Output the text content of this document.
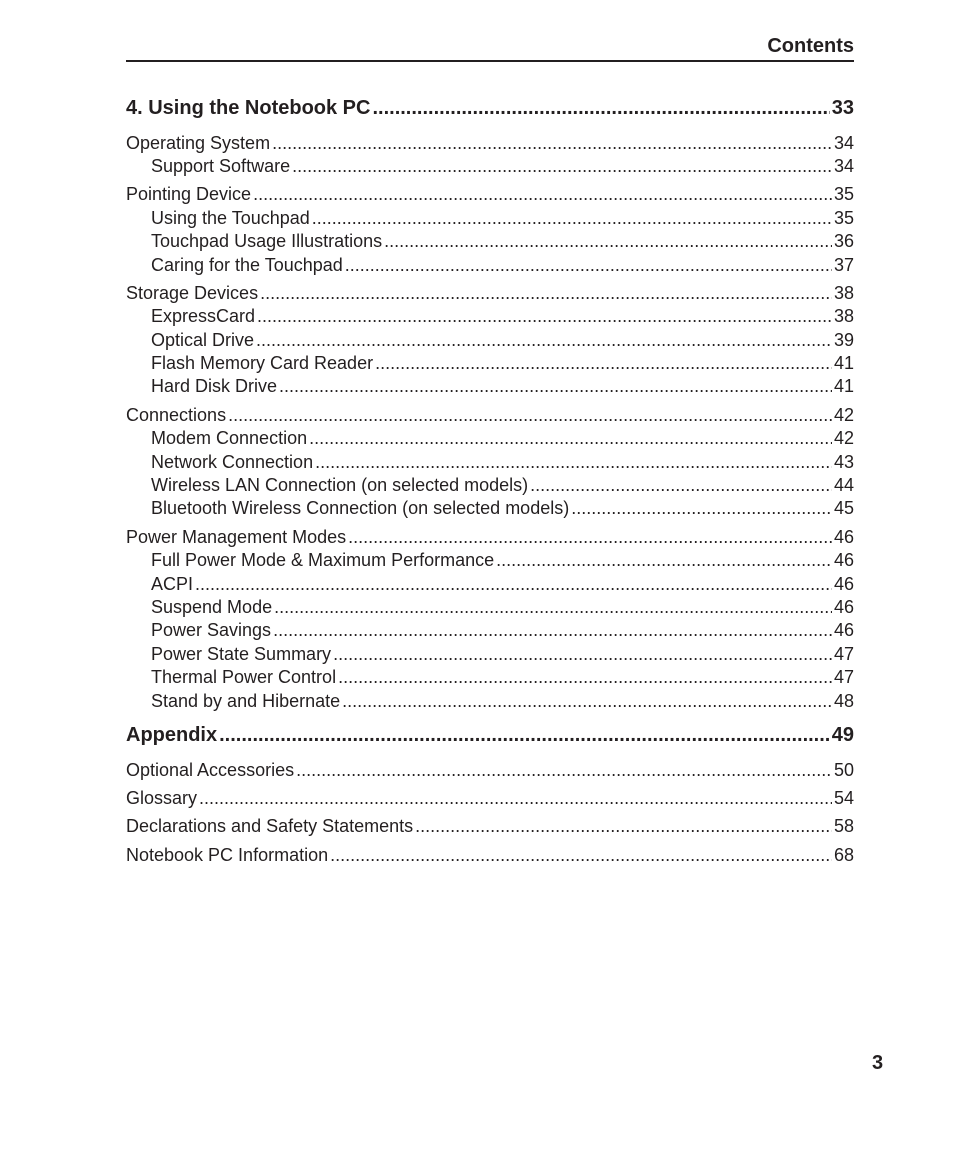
Contents
4. Using the Notebook PC .....	33
Operating System .....	34
Support Software .....	34
Pointing Device .....	35
Using the Touchpad .....	35
Touchpad Usage Illustrations .....	36
Caring for the Touchpad .....	37
Storage Devices .....	38
ExpressCard .....	38
Optical Drive .....	39
Flash Memory Card Reader .....	41
Hard Disk Drive .....	41
Connections .....	42
Modem Connection .....	42
Network Connection .....	43
Wireless LAN Connection (on selected models) .....	44
Bluetooth Wireless Connection (on selected models) .....	45
Power Management Modes .....	46
Full Power Mode & Maximum Performance .....	46
ACPI .....	46
Suspend Mode .....	46
Power Savings .....	46
Power State Summary .....	47
Thermal Power Control .....	47
Stand by and Hibernate .....	48
Appendix .....	49
Optional Accessories .....	50
Glossary .....	54
Declarations and Safety Statements .....	58
Notebook PC Information .....	68
3
